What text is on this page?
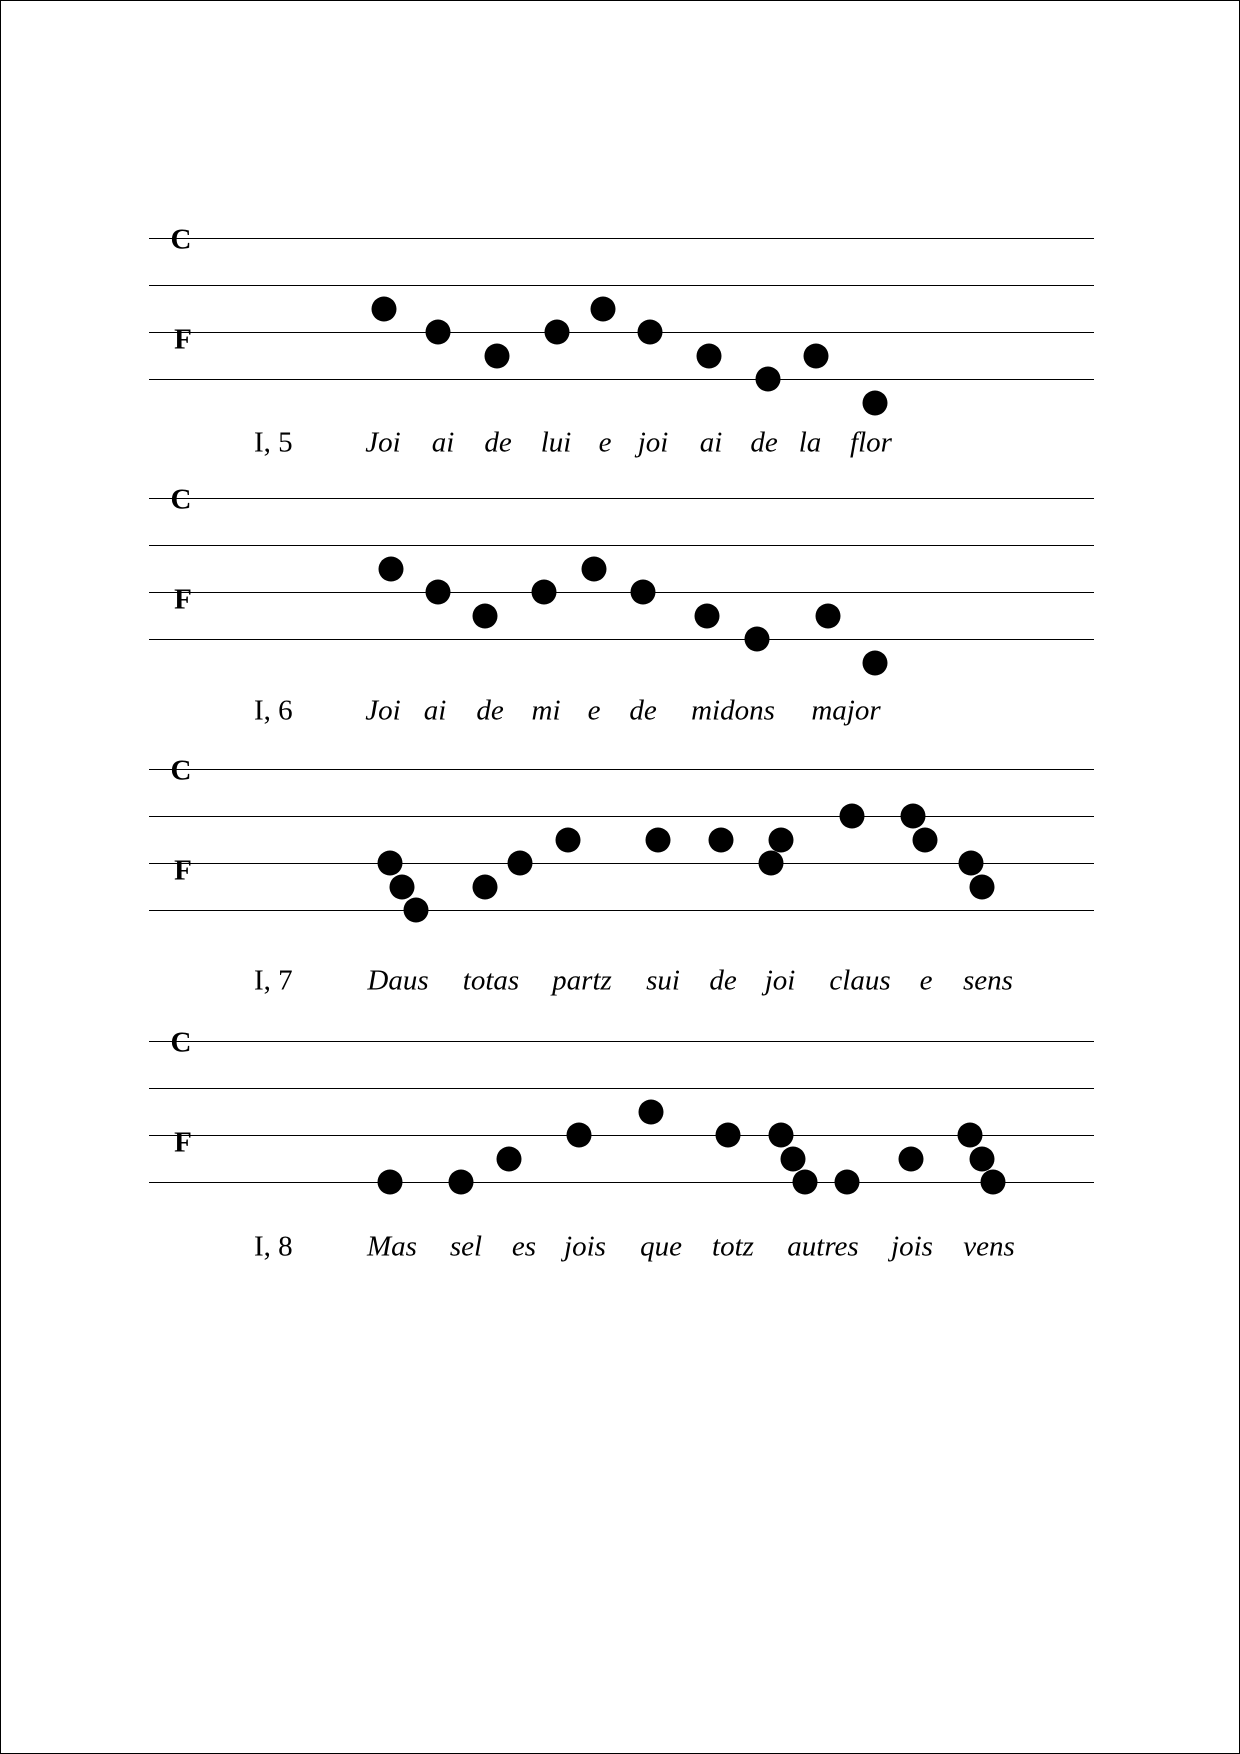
C
F
I, 5	Joi ai de lui e joi ai de la flor
C
F
I, 6	Joi ai de mi e de midons major
C
F
I, 7	Daus totas partz sui de joi claus e sens
C
F
I, 8	Mas sel es jois que totz autres jois vens
